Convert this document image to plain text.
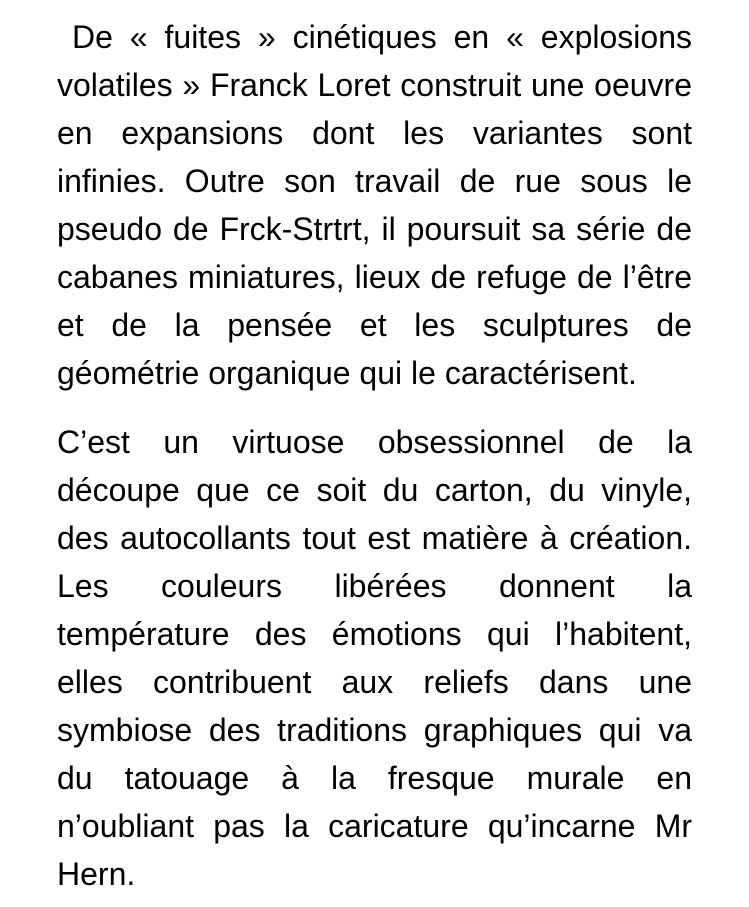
De « fuites » cinétiques en « explosions
volatiles » Franck Loret construit une oeuvre
en expansions dont les variantes sont
infinies. Outre son travail de rue sous le
pseudo de Frck-Strtrt, il poursuit sa série de
cabanes miniatures, lieux de refuge de l’être
et de la pensée et les sculptures de
géométrie organique qui le caractérisent.
C’est un virtuose obsessionnel de la
découpe que ce soit du carton, du vinyle,
des autocollants tout est matière à création.
Les couleurs libérées donnent la
température des émotions qui l’habitent,
elles contribuent aux reliefs dans une
symbiose des traditions graphiques qui va
du tatouage à la fresque murale en
n’oubliant pas la caricature qu’incarne Mr
Hern.
